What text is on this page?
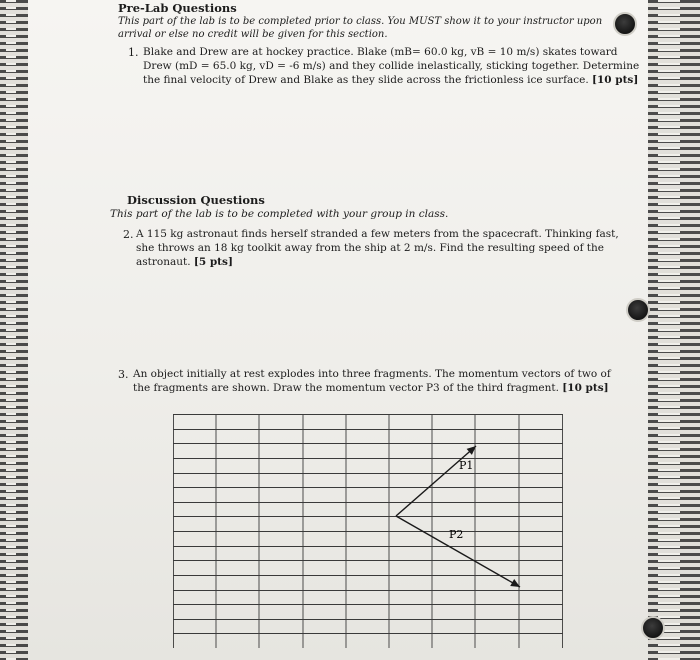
Pre-Lab Questions
This part of the lab is to be completed prior to class. You MUST show it to your instructor upon
arrival or else no credit will be given for this section.
1. Blake and Drew are at hockey practice. Blake (mB= 60.0 kg, vB = 10 m/s) skates toward
Drew (mD = 65.0 kg, vD = -6 m/s) and they collide inelastically, sticking together. Determine
the final velocity of Drew and Blake as they slide across the frictionless ice surface. [10 pts]
Discussion Questions
This part of the lab is to be completed with your group in class.
2. A 115 kg astronaut finds herself stranded a few meters from the spacecraft. Thinking fast,
she throws an 18 kg toolkit away from the ship at 2 m/s. Find the resulting speed of the
astronaut. [5 pts]
3. An object initially at rest explodes into three fragments. The momentum vectors of two of
the fragments are shown. Draw the momentum vector P3 of the third fragment. [10 pts]
P1
P2
